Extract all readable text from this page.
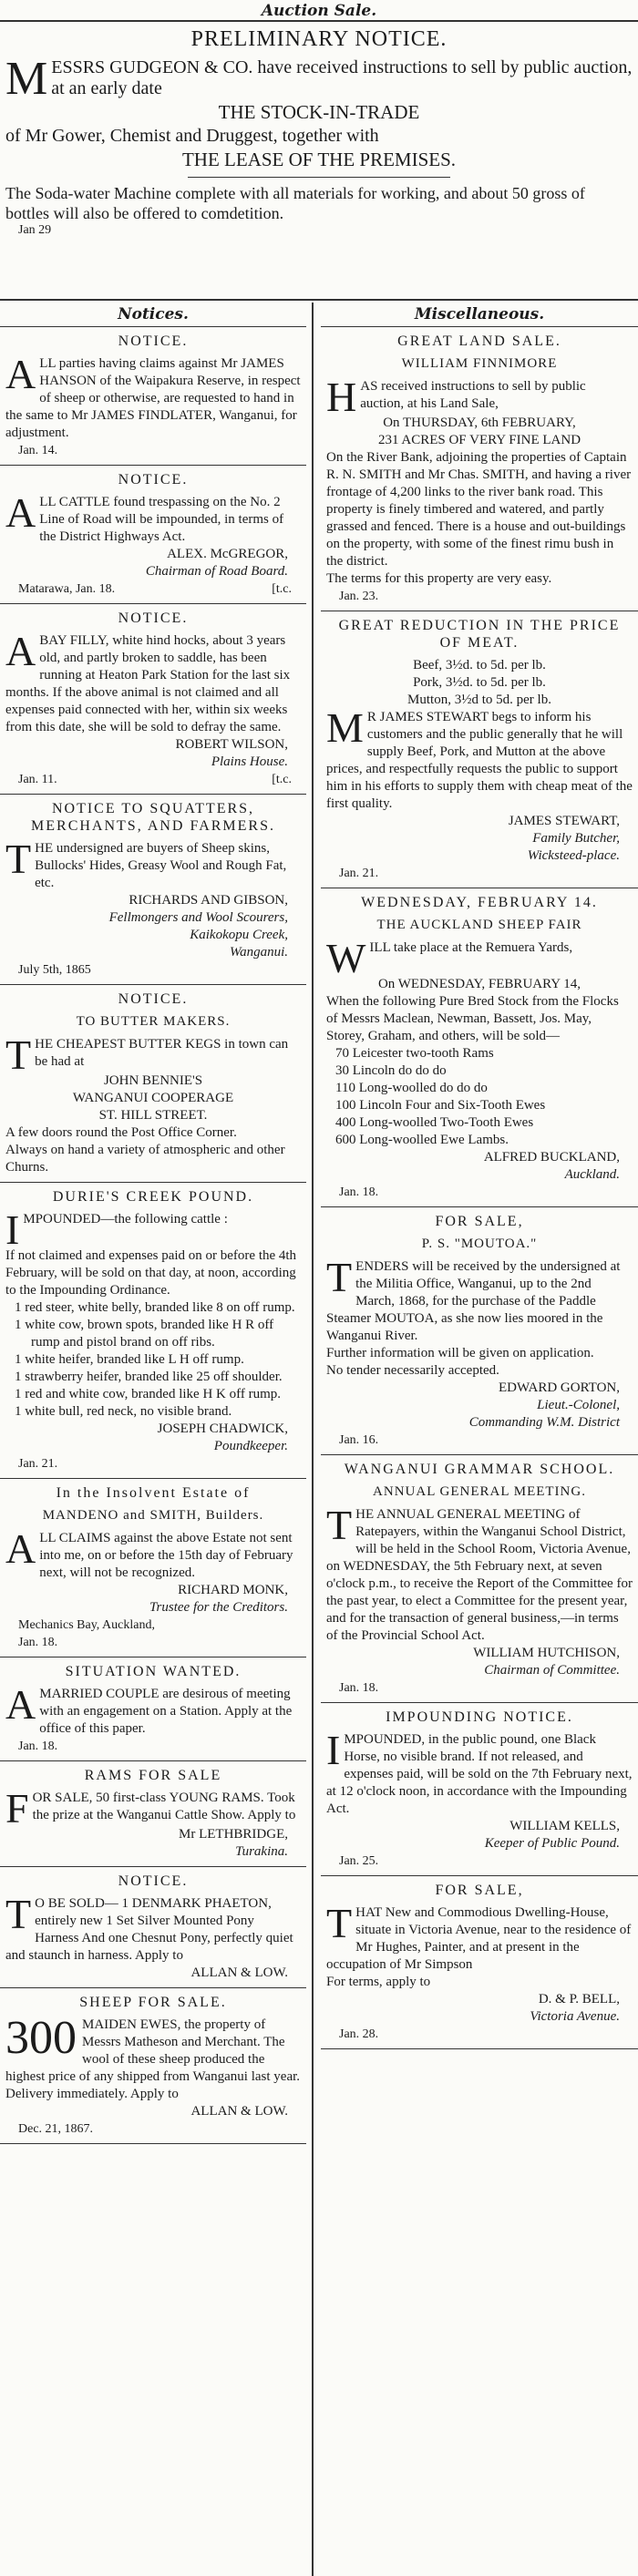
Auction Sale.
PRELIMINARY NOTICE.
M ESSRS GUDGEON & CO. have received instructions to sell by public auction, at an early date
THE STOCK-IN-TRADE
of Mr Gower, Chemist and Druggest, together with
THE LEASE OF THE PREMISES.
The Soda-water Machine complete with all materials for working, and about 50 gross of bottles will also be offered to comdetition.
Jan 29
Notices.
NOTICE.

ALL parties having claims against Mr JAMES HANSON of the Waipakura Reserve, in respect of sheep or otherwise, are requested to hand in the same to Mr JAMES FINDLATER, Wanganui, for adjustment.

Jan. 14.
NOTICE.

ALL CATTLE found trespassing on the No. 2 Line of Road will be impounded, in terms of the District Highways Act.

ALEX. McGREGOR,
Chairman of Road Board.
Matarawa, Jan. 18.	[t.c.
NOTICE.

ABAY FILLY, white hind hocks, about 3 years old, and partly broken to saddle, has been running at Heaton Park Station for the last six months. If the above animal is not claimed and all expenses paid connected with her, within six weeks from this date, she will be sold to defray the same.

ROBERT WILSON,
Plains House.
Jan. 11.	[t.c.
NOTICE TO SQUATTERS, MERCHANTS, AND FARMERS.

THE undersigned are buyers of Sheep skins, Bullocks' Hides, Greasy Wool and Rough Fat, etc.

RICHARDS AND GIBSON,
Fellmongers and Wool Scourers,
Kaikokopu Creek,
Wanganui.
July 5th, 1865
NOTICE.
TO BUTTER MAKERS.

THE CHEAPEST BUTTER KEGS in town can be had at

JOHN BENNIE'S
WANGANUI COOPERAGE
ST. HILL STREET.

A few doors round the Post Office Corner.

Always on hand a variety of atmospheric and other Churns.

DURIE'S CREEK POUND.

IMPOUNDED—the following cattle :

If not claimed and expenses paid on or before the 4th February, will be sold on that day, at noon, according to the Impounding Ordinance.

1 red steer, white belly, branded like 8 on off rump.

1 white cow, brown spots, branded like H R off rump and pistol brand on off ribs.

1 white heifer, branded like L H off rump.

1 strawberry heifer, branded like 25 off shoulder.

1 red and white cow, branded like H K off rump.

1 white bull, red neck, no visible brand.

JOSEPH CHADWICK,
Poundkeeper.
Jan. 21.
In the Insolvent Estate of
MANDENO and SMITH, Builders.

ALL CLAIMS against the above Estate not sent into me, on or before the 15th day of February next, will not be recognized.

RICHARD MONK,
Trustee for the Creditors.
Mechanics Bay, Auckland,
Jan. 18.
SITUATION WANTED.

AMARRIED COUPLE are desirous of meeting with an engagement on a Station. Apply at the office of this paper.

Jan. 18.
RAMS FOR SALE

FOR SALE, 50 first-class YOUNG RAMS. Took the prize at the Wanganui Cattle Show. Apply to

Mr LETHBRIDGE,
Turakina.
NOTICE.

T O BE SOLD— 1 DENMARK PHAETON, entirely new 1 Set Silver Mounted Pony Harness And one Chesnut Pony, perfectly quiet and staunch in harness. Apply to

ALLAN & LOW.
SHEEP FOR SALE.

300 MAIDEN EWES, the property of Messrs Matheson and Merchant. The wool of these sheep produced the highest price of any shipped from Wanganui last year. Delivery immediately. Apply to

ALLAN & LOW.
Dec. 21, 1867.
Miscellaneous.
GREAT LAND SALE.
WILLIAM FINNIMORE

HAS received instructions to sell by public auction, at his Land Sale,

On THURSDAY, 6th FEBRUARY,
231 ACRES OF VERY FINE LAND

On the River Bank, adjoining the properties of Captain R. N. SMITH and Mr Chas. SMITH, and having a river frontage of 4,200 links to the river bank road. This property is finely timbered and watered, and partly grassed and fenced. There is a house and out-buildings on the property, with some of the finest rimu bush in the district.

The terms for this property are very easy.

Jan. 23.
GREAT REDUCTION IN THE PRICE OF MEAT.
Beef, 3½d. to 5d. per lb.
Pork, 3½d. to 5d. per lb.
Mutton, 3½d to 5d. per lb.

M R JAMES STEWART begs to inform his customers and the public generally that he will supply Beef, Pork, and Mutton at the above prices, and respectfully requests the public to support him in his efforts to supply them with cheap meat of the first quality.

JAMES STEWART,
Family Butcher,
Wicksteed-place.
Jan. 21.
WEDNESDAY, FEBRUARY 14.
THE AUCKLAND SHEEP FAIR

WILL take place at the Remuera Yards,

On WEDNESDAY, FEBRUARY 14,

When the following Pure Bred Stock from the Flocks of Messrs Maclean, Newman, Bassett, Jos. May, Storey, Graham, and others, will be sold—

70 Leicester two-tooth Rams

30 Lincoln do do do

110 Long-woolled do do do

100 Lincoln Four and Six-Tooth Ewes

400 Long-woolled Two-Tooth Ewes

600 Long-woolled Ewe Lambs.

ALFRED BUCKLAND,
Auckland.
Jan. 18.
FOR SALE,
P. S. "MOUTOA."

TENDERS will be received by the undersigned at the Militia Office, Wanganui, up to the 2nd March, 1868, for the purchase of the Paddle Steamer MOUTOA, as she now lies moored in the Wanganui River.

Further information will be given on application.

No tender necessarily accepted.

EDWARD GORTON,
Lieut.-Colonel,
Commanding W.M. District
Jan. 16.
WANGANUI GRAMMAR SCHOOL.
ANNUAL GENERAL MEETING.

THE ANNUAL GENERAL MEETING of Ratepayers, within the Wanganui School District, will be held in the School Room, Victoria Avenue, on WEDNESDAY, the 5th February next, at seven o'clock p.m., to receive the Report of the Committee for the past year, to elect a Committee for the present year, and for the transaction of general business,—in terms of the Provincial School Act.

WILLIAM HUTCHISON,
Chairman of Committee.
Jan. 18.
IMPOUNDING NOTICE.

IMPOUNDED, in the public pound, one Black Horse, no visible brand. If not released, and expenses paid, will be sold on the 7th February next, at 12 o'clock noon, in accordance with the Impounding Act.

WILLIAM KELLS,
Keeper of Public Pound.
Jan. 25.
FOR SALE,

THAT New and Commodious Dwelling-House, situate in Victoria Avenue, near to the residence of Mr Hughes, Painter, and at present in the occupation of Mr Simpson

For terms, apply to

D. & P. BELL,
Victoria Avenue.
Jan. 28.
